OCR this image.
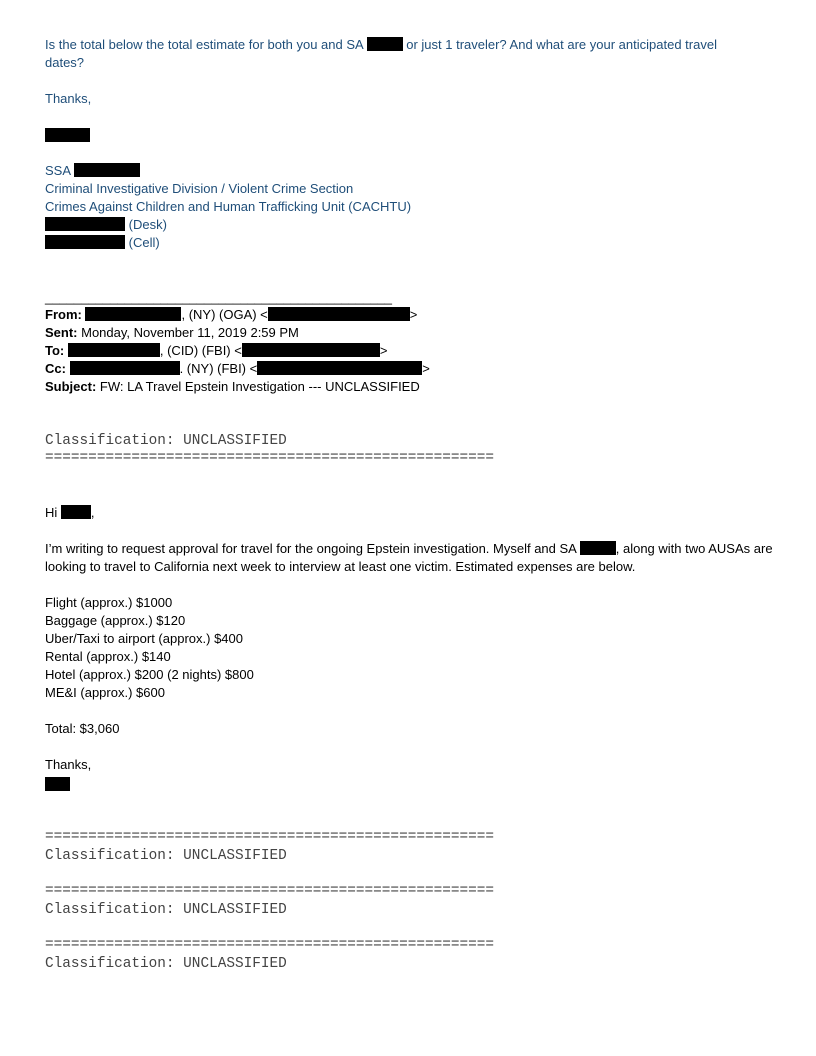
Is the total below the total estimate for both you and SA	or just 1 traveler? And what are your anticipated travel
dates?
Thanks,
SSA
Criminal Investigative Division / Violent Crime Section
Crimes Against Children and Human Trafficking Unit (CACHTU)
(Desk)
(Cell)
________________________________________________
From:	, (NY) (OGA) <	>
Sent: Monday, November 11, 2019 2:59 PM
To:	, (CID) (FBI) <	>
Cc:	. (NY) (FBI) <	>
Subject: FW: LA Travel Epstein Investigation --- UNCLASSIFIED
Classification: UNCLASSIFIED
====================================================
Hi	,
I’m writing to request approval for travel for the ongoing Epstein investigation. Myself and SA	, along with two AUSAs are looking to travel to California next week to interview at least one victim. Estimated expenses are below.
Flight (approx.) $1000
Baggage (approx.) $120
Uber/Taxi to airport (approx.) $400
Rental (approx.) $140
Hotel (approx.) $200 (2 nights) $800
ME&I (approx.) $600
Total: $3,060
Thanks,
====================================================
Classification: UNCLASSIFIED
====================================================
Classification: UNCLASSIFIED
====================================================
Classification: UNCLASSIFIED
